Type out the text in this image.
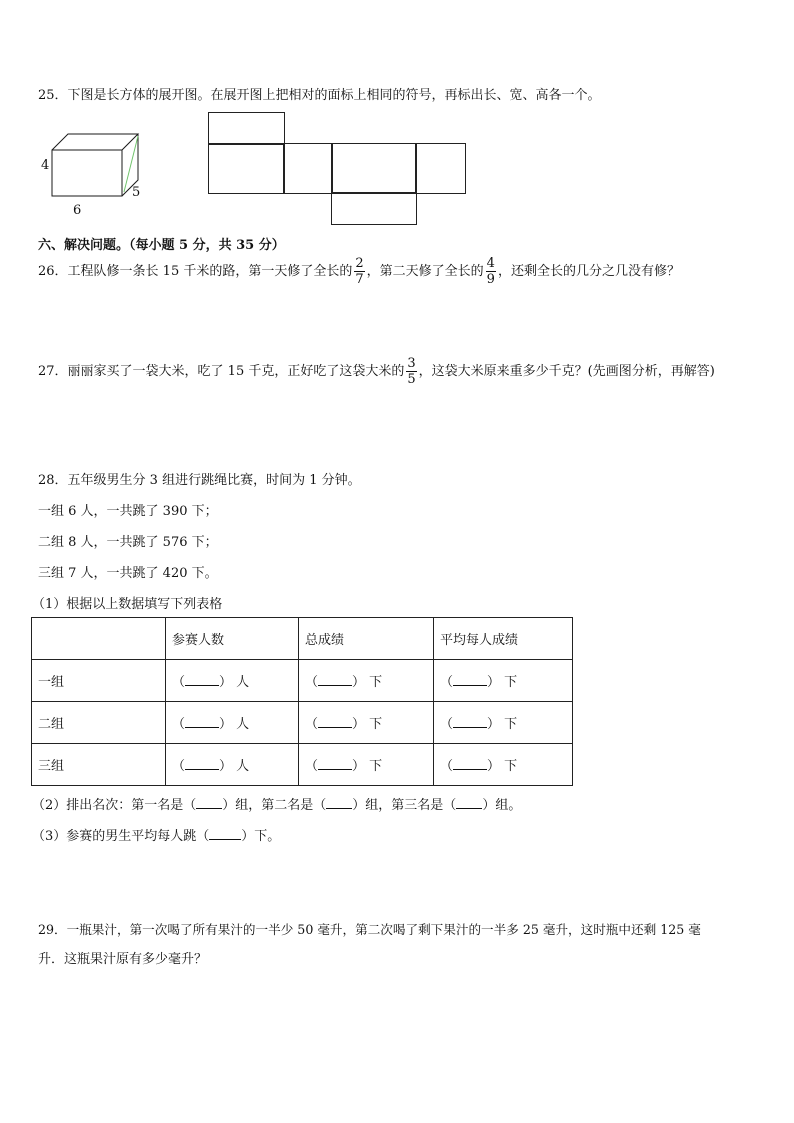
25．下图是长方体的展开图。在展开图上把相对的面标上相同的符号，再标出长、宽、高各一个。
4
5
6
六、解决问题。（每小题 5 分，共 35 分）
26．工程队修一条长 15 千米的路，第一天修了全长的 $\frac{2}{7}$ ，第二天修了全长的 $\frac{4}{9}$ ，还剩全长的几分之几没有修？
27．丽丽家买了一袋大米，吃了 15 千克，正好吃了这袋大米的 $\frac{3}{5}$ ，这袋大米原来重多少千克？(先画图分析，再解答)
28．五年级男生分 3 组进行跳绳比赛，时间为 1 分钟。
一组 6 人，一共跳了 390 下；
二组 8 人，一共跳了 576 下；
三组 7 人，一共跳了 420 下。
（1）根据以上数据填写下列表格
	参赛人数	总成绩	平均每人成绩
一组	（ ） 人	（ ） 下	（ ） 下
二组	（ ） 人	（ ） 下	（ ） 下
三组	（ ） 人	（ ） 下	（ ） 下
（2）排出名次：第一名是（ ）组，第二名是（ ）组，第三名是（ ）组。
（3）参赛的男生平均每人跳（ ）下。
29．一瓶果汁，第一次喝了所有果汁的一半少 50 毫升，第二次喝了剩下果汁的一半多 25 毫升，这时瓶中还剩 125 毫
升．这瓶果汁原有多少毫升？
